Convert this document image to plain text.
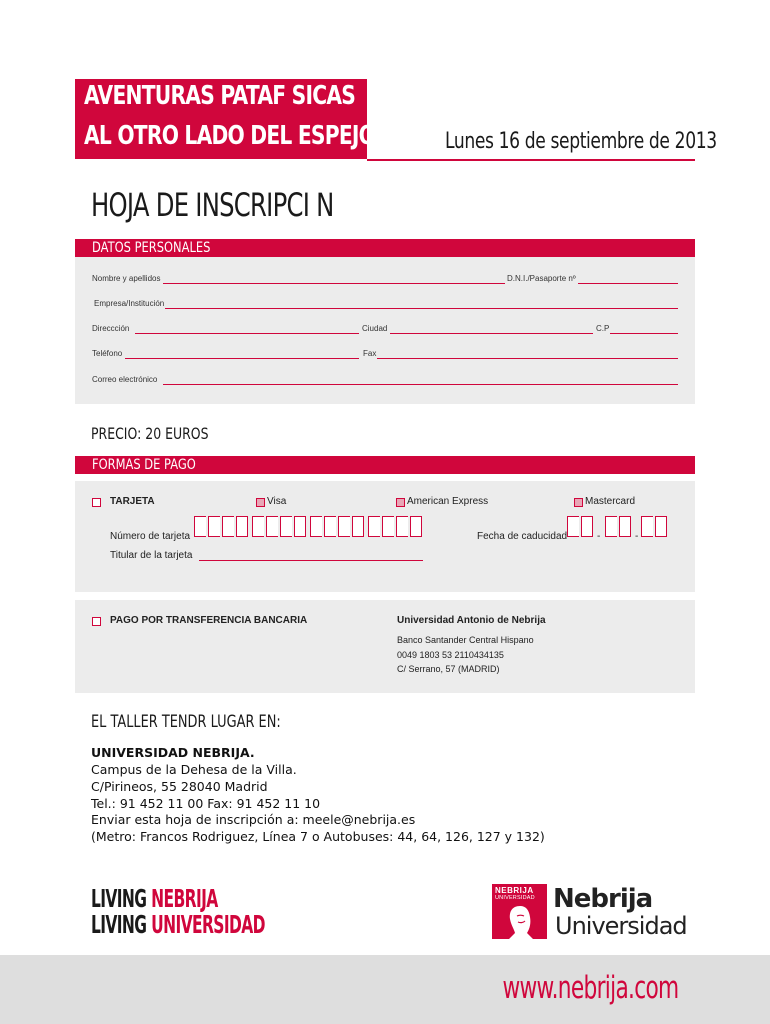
AVENTURAS PATAF SICAS
AL OTRO LADO DEL ESPEJO	Lunes 16 de septiembre de 2013
HOJA DE INSCRIPCI N
DATOS PERSONALES
Nombre y apellidos	D.N.I./Pasaporte nº
Empresa/Institución
Direccción	Ciudad	C.P
Teléfono	Fax
Correo electrónico
PRECIO: 20 EUROS
FORMAS DE PAGO
TARJETA	Visa	American Express	Mastercard
Número de tarjeta	Fecha de caducidad	-	-
Titular de la tarjeta
PAGO POR TRANSFERENCIA BANCARIA	Universidad Antonio de Nebrija
Banco Santander Central Hispano
0049 1803 53 2110434135
C/ Serrano, 57 (MADRID)
EL TALLER TENDR LUGAR EN:
UNIVERSIDAD NEBRIJA.
Campus de la Dehesa de la Villa.
C/Pirineos, 55 28040 Madrid
Tel.: 91 452 11 00 Fax: 91 452 11 10
Enviar esta hoja de inscripción a: meele@nebrija.es
(Metro: Francos Rodriguez, Línea 7 o Autobuses: 44, 64, 126, 127 y 132)
LIVING NEBRIJA
LIVING UNIVERSIDAD
NEBRIJA
UNIVERSIDAD Nebrija
Universidad
www.nebrija.com
